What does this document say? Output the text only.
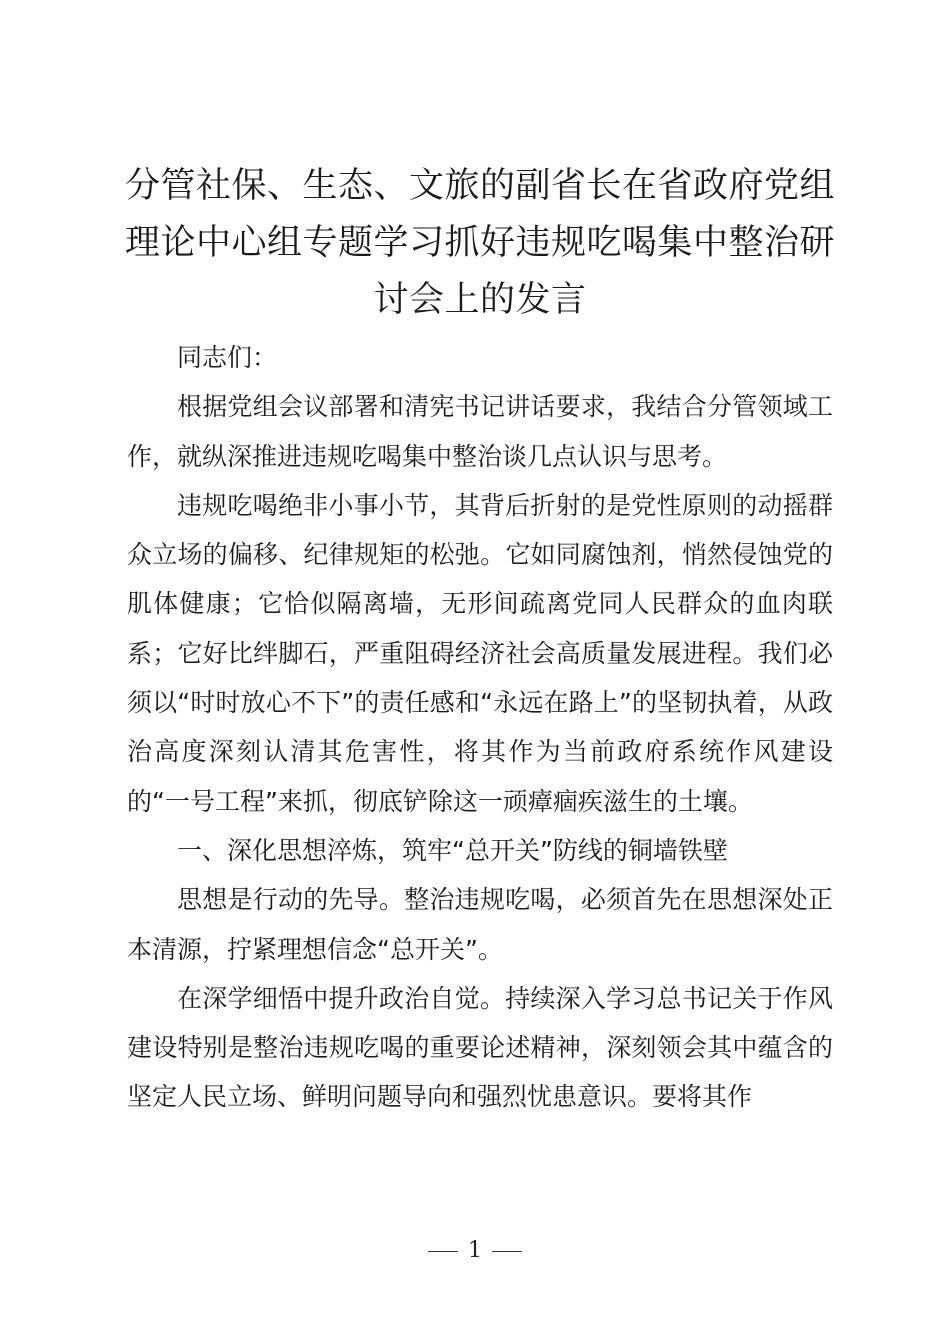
分管社保、生态、文旅的副省长在省政府党组理论中心组专题学习抓好违规吃喝集中整治研讨会上的发言

同志们：

根据党组会议部署和清宪书记讲话要求，我结合分管领域工作，就纵深推进违规吃喝集中整治谈几点认识与思考。

违规吃喝绝非小事小节，其背后折射的是党性原则的动摇群众立场的偏移、纪律规矩的松弛。它如同腐蚀剂，悄然侵蚀党的肌体健康；它恰似隔离墙，无形间疏离党同人民群众的血肉联系；它好比绊脚石，严重阻碍经济社会高质量发展进程。我们必须以“时时放心不下”的责任感和“永远在路上”的坚韧执着，从政治高度深刻认清其危害性，将其作为当前政府系统作风建设的“一号工程”来抓，彻底铲除这一顽瘴痼疾滋生的土壤。

一、深化思想淬炼，筑牢“总开关”防线的铜墙铁壁

思想是行动的先导。整治违规吃喝，必须首先在思想深处正本清源，拧紧理想信念“总开关”。

在深学细悟中提升政治自觉。持续深入学习总书记关于作风建设特别是整治违规吃喝的重要论述精神，深刻领会其中蕴含的坚定人民立场、鲜明问题导向和强烈忧患意识。要将其作

1
